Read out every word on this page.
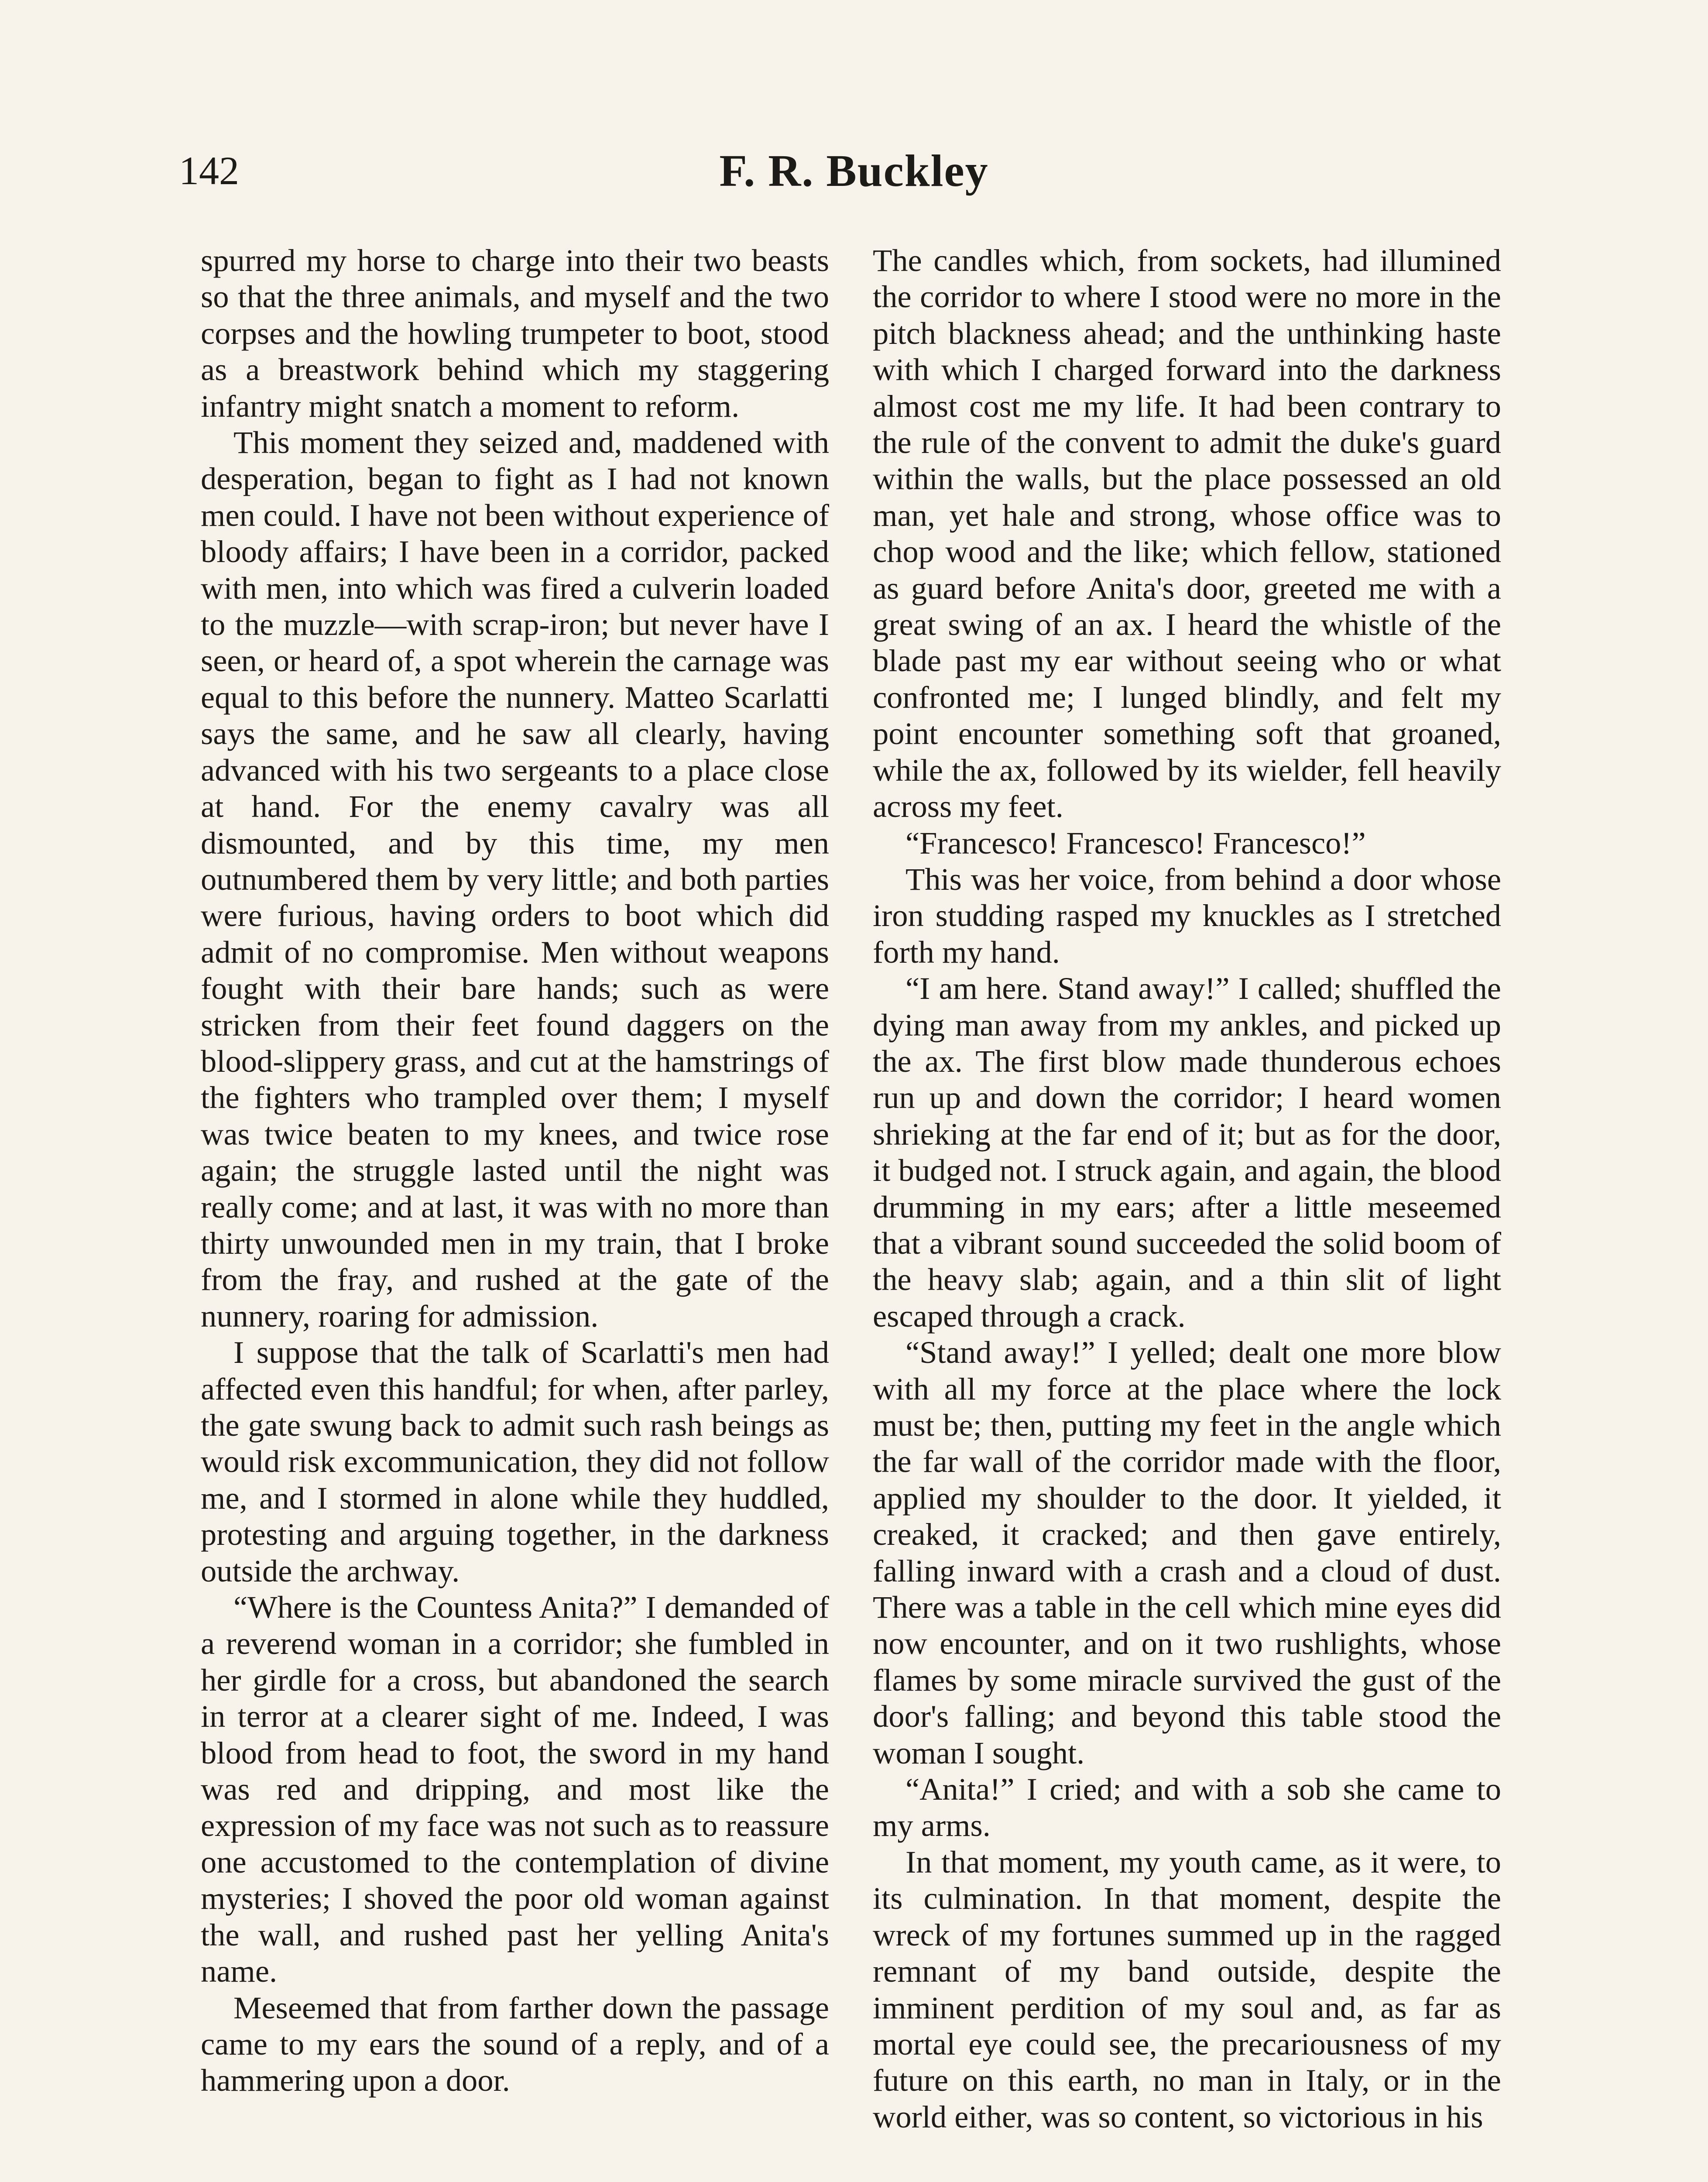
142	F. R. Buckley

spurred my horse to charge into their two beasts so that the three animals, and myself and the two corpses and the howling trumpeter to boot, stood as a breastwork behind which my staggering infantry might snatch a moment to reform.

This moment they seized and, maddened with desperation, began to fight as I had not known men could. I have not been without experience of bloody affairs; I have been in a corridor, packed with men, into which was fired a culverin loaded to the muzzle—with scrap-iron; but never have I seen, or heard of, a spot wherein the carnage was equal to this before the nunnery. Matteo Scarlatti says the same, and he saw all clearly, having advanced with his two sergeants to a place close at hand. For the enemy cavalry was all dismounted, and by this time, my men outnumbered them by very little; and both parties were furious, having orders to boot which did admit of no compromise. Men without weapons fought with their bare hands; such as were stricken from their feet found daggers on the blood-slippery grass, and cut at the hamstrings of the fighters who trampled over them; I myself was twice beaten to my knees, and twice rose again; the struggle lasted until the night was really come; and at last, it was with no more than thirty unwounded men in my train, that I broke from the fray, and rushed at the gate of the nunnery, roaring for admission.

I suppose that the talk of Scarlatti's men had affected even this handful; for when, after parley, the gate swung back to admit such rash beings as would risk excommunication, they did not follow me, and I stormed in alone while they huddled, protesting and arguing together, in the darkness outside the archway.

“Where is the Countess Anita?” I demanded of a reverend woman in a corridor; she fumbled in her girdle for a cross, but abandoned the search in terror at a clearer sight of me. Indeed, I was blood from head to foot, the sword in my hand was red and dripping, and most like the expression of my face was not such as to reassure one accustomed to the contemplation of divine mysteries; I shoved the poor old woman against the wall, and rushed past her yelling Anita's name.

Meseemed that from farther down the passage came to my ears the sound of a reply, and of a hammering upon a door.

The candles which, from sockets, had illumined the corridor to where I stood were no more in the pitch blackness ahead; and the unthinking haste with which I charged forward into the darkness almost cost me my life. It had been contrary to the rule of the convent to admit the duke's guard within the walls, but the place possessed an old man, yet hale and strong, whose office was to chop wood and the like; which fellow, stationed as guard before Anita's door, greeted me with a great swing of an ax. I heard the whistle of the blade past my ear without seeing who or what confronted me; I lunged blindly, and felt my point encounter something soft that groaned, while the ax, followed by its wielder, fell heavily across my feet.

“Francesco! Francesco! Francesco!”

This was her voice, from behind a door whose iron studding rasped my knuckles as I stretched forth my hand.

“I am here. Stand away!” I called; shuffled the dying man away from my ankles, and picked up the ax. The first blow made thunderous echoes run up and down the corridor; I heard women shrieking at the far end of it; but as for the door, it budged not. I struck again, and again, the blood drumming in my ears; after a little meseemed that a vibrant sound succeeded the solid boom of the heavy slab; again, and a thin slit of light escaped through a crack.

“Stand away!” I yelled; dealt one more blow with all my force at the place where the lock must be; then, putting my feet in the angle which the far wall of the corridor made with the floor, applied my shoulder to the door. It yielded, it creaked, it cracked; and then gave entirely, falling inward with a crash and a cloud of dust. There was a table in the cell which mine eyes did now encounter, and on it two rushlights, whose flames by some miracle survived the gust of the door's falling; and beyond this table stood the woman I sought.

“Anita!” I cried; and with a sob she came to my arms.

In that moment, my youth came, as it were, to its culmination. In that moment, despite the wreck of my fortunes summed up in the ragged remnant of my band outside, despite the imminent perdition of my soul and, as far as mortal eye could see, the precariousness of my future on this earth, no man in Italy, or in the world either, was so content, so victorious in his
